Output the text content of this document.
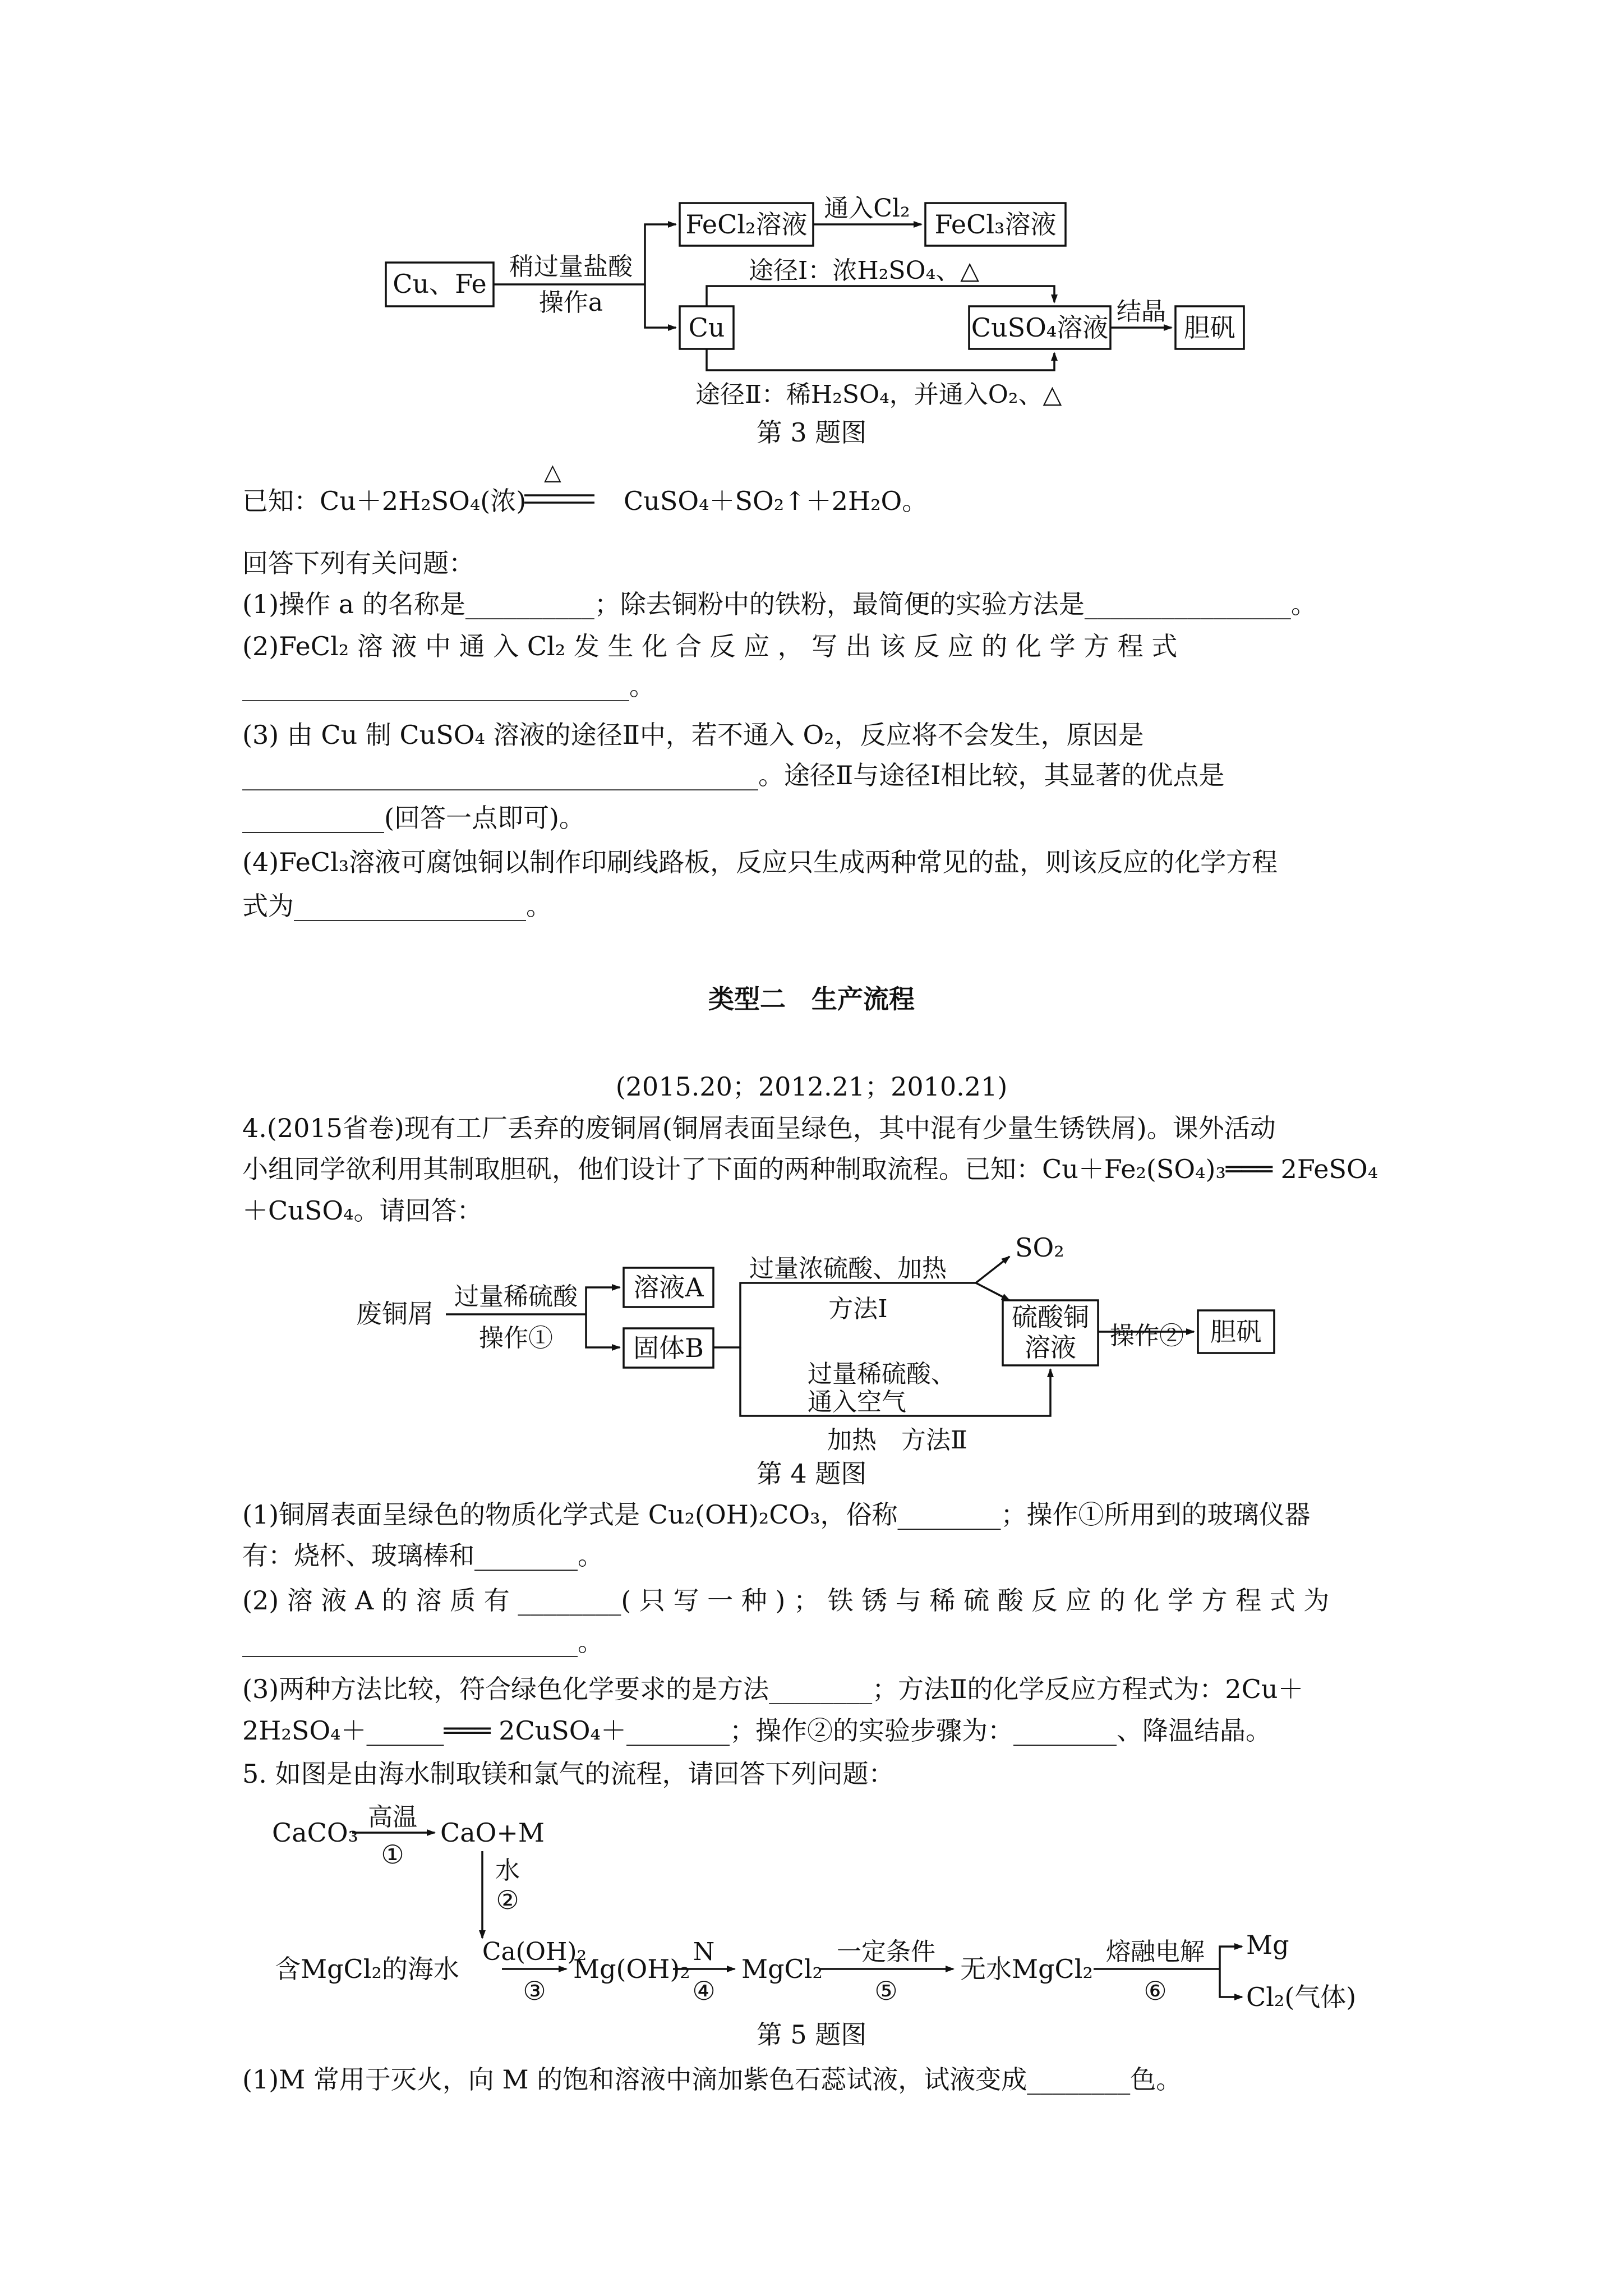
Cu、Fe
稍过量盐酸
操作a
FeCl₂溶液
通入Cl₂
FeCl₃溶液
途径Ⅰ：浓H₂SO₄、△
Cu	CuSO₄溶液
结晶
胆矾
途径Ⅱ：稀H₂SO₄，并通入O₂、△
第 3 题图
已知：Cu＋2H₂SO₄(浓)
△
CuSO₄＋SO₂↑＋2H₂O。
回答下列有关问题：
(1)操作 a 的名称是__________；除去铜粉中的铁粉，最简便的实验方法是________________。
(2)FeCl₂ 溶 液 中 通 入 Cl₂ 发 生 化 合 反 应 ， 写 出 该 反 应 的 化 学 方 程 式
______________________________。
(3) 由 Cu 制 CuSO₄ 溶液的途径Ⅱ中，若不通入 O₂，反应将不会发生，原因是
________________________________________。途径Ⅱ与途径Ⅰ相比较，其显著的优点是
___________(回答一点即可)。
(4)FeCl₃溶液可腐蚀铜以制作印刷线路板，反应只生成两种常见的盐，则该反应的化学方程
式为__________________。
类型二　生产流程
(2015.20；2012.21；2010.21)
4.(2015省卷)现有工厂丢弃的废铜屑(铜屑表面呈绿色，其中混有少量生锈铁屑)。课外活动
小组同学欲利用其制取胆矾，他们设计了下面的两种制取流程。已知：Cu＋Fe₂(SO₄)₃═══ 2FeSO₄
＋CuSO₄。请回答：
废铜屑
过量稀硫酸
操作①
溶液A
固体B
过量浓硫酸、加热
SO₂
方法Ⅰ	硫酸铜
溶液 操作② 胆矾
过量稀硫酸、
通入空气
加热　方法Ⅱ
第 4 题图
(1)铜屑表面呈绿色的物质化学式是 Cu₂(OH)₂CO₃，俗称________；操作①所用到的玻璃仪器
有：烧杯、玻璃棒和________。
(2) 溶 液 A 的 溶 质 有 ________( 只 写 一 种 ) ； 铁 锈 与 稀 硫 酸 反 应 的 化 学 方 程 式 为
__________________________。
(3)两种方法比较，符合绿色化学要求的是方法________；方法Ⅱ的化学反应方程式为：2Cu＋
2H₂SO₄＋______═══ 2CuSO₄＋________；操作②的实验步骤为：________、降温结晶。
5. 如图是由海水制取镁和氯气的流程，请回答下列问题：
CaCO₃
高温
①
CaO+M
水
②
含MgCl₂的海水
Ca(OH)₂
③
Mg(OH)₂
N
④
MgCl₂
一定条件
⑤
无水MgCl₂
熔融电解
⑥
Mg
Cl₂(气体)
第 5 题图
(1)M 常用于灭火，向 M 的饱和溶液中滴加紫色石蕊试液，试液变成________色。
